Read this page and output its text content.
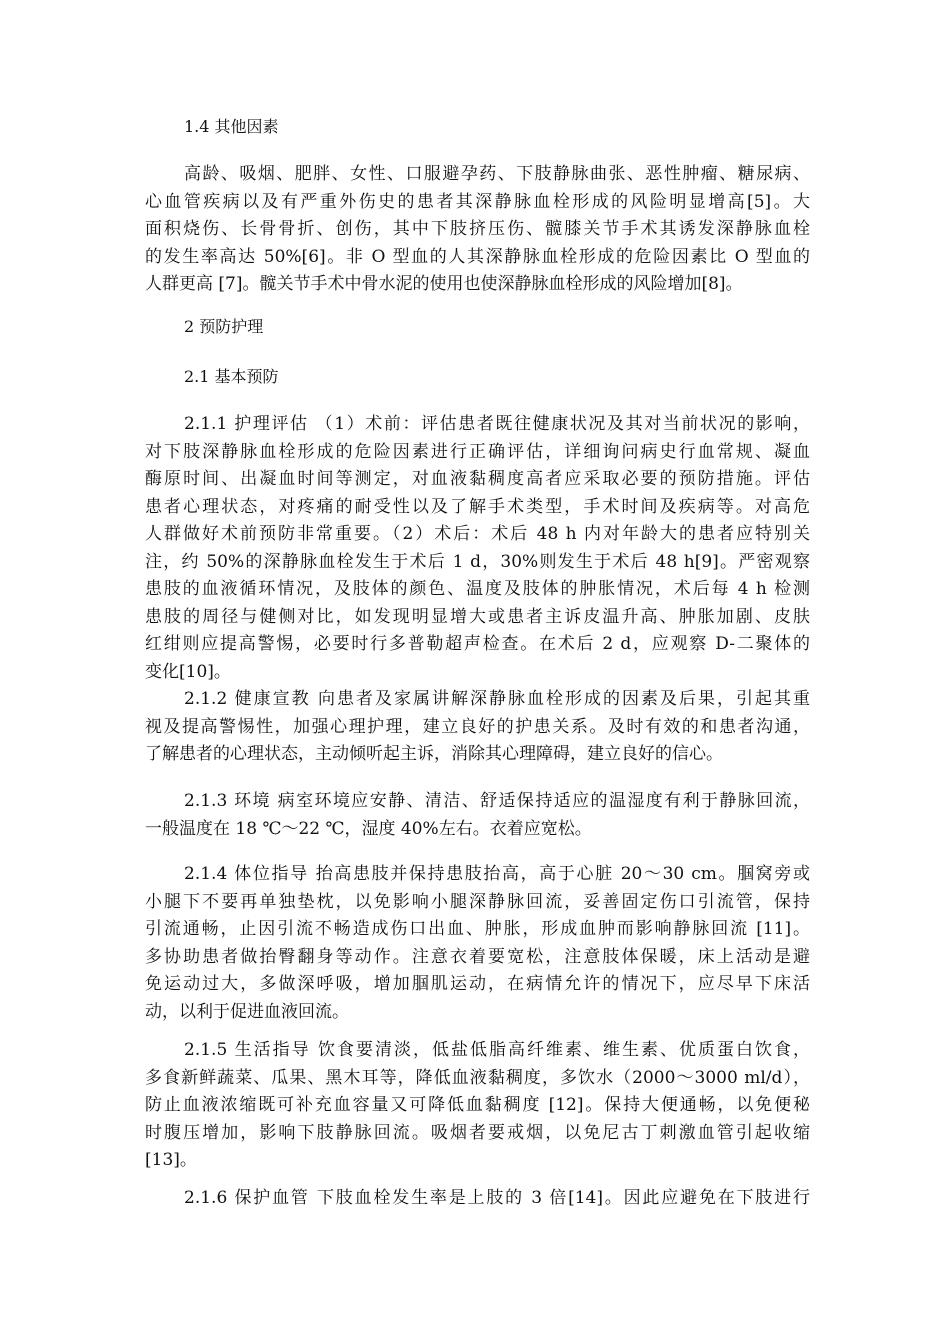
1.4 其他因素
高龄、吸烟、肥胖、女性、口服避孕药、下肢静脉曲张、恶性肿瘤、糖尿病、
心血管疾病以及有严重外伤史的患者其深静脉血栓形成的风险明显增高[5]。大
面积烧伤、长骨骨折、创伤，其中下肢挤压伤、髋膝关节手术其诱发深静脉血栓
的发生率高达 50%[6]。非 O 型血的人其深静脉血栓形成的危险因素比 O 型血的
人群更高 [7]。髋关节手术中骨水泥的使用也使深静脉血栓形成的风险增加[8]。
2 预防护理
2.1 基本预防
2.1.1 护理评估 （1）术前：评估患者既往健康状况及其对当前状况的影响，
对下肢深静脉血栓形成的危险因素进行正确评估，详细询问病史行血常规、凝血
酶原时间、出凝血时间等测定，对血液黏稠度高者应采取必要的预防措施。评估
患者心理状态，对疼痛的耐受性以及了解手术类型，手术时间及疾病等。对高危
人群做好术前预防非常重要。（2）术后：术后 48 h 内对年龄大的患者应特别关
注，约 50%的深静脉血栓发生于术后 1 d，30%则发生于术后 48 h[9]。严密观察
患肢的血液循环情况，及肢体的颜色、温度及肢体的肿胀情况，术后每 4 h 检测
患肢的周径与健侧对比，如发现明显增大或患者主诉皮温升高、肿胀加剧、皮肤
红绀则应提高警惕，必要时行多普勒超声检查。在术后 2 d，应观察 D-二聚体的
变化[10]。
2.1.2 健康宣教 向患者及家属讲解深静脉血栓形成的因素及后果，引起其重
视及提高警惕性，加强心理护理，建立良好的护患关系。及时有效的和患者沟通，
了解患者的心理状态，主动倾听起主诉，消除其心理障碍，建立良好的信心。
2.1.3 环境 病室环境应安静、清洁、舒适保持适应的温湿度有利于静脉回流，
一般温度在 18 ℃～22 ℃，湿度 40%左右。衣着应宽松。
2.1.4 体位指导 抬高患肢并保持患肢抬高，高于心脏 20～30 cm。腘窝旁或
小腿下不要再单独垫枕，以免影响小腿深静脉回流，妥善固定伤口引流管，保持
引流通畅，止因引流不畅造成伤口出血、肿胀，形成血肿而影响静脉回流 [11]。
多协助患者做抬臀翻身等动作。注意衣着要宽松，注意肢体保暖，床上活动是避
免运动过大，多做深呼吸，增加腘肌运动，在病情允许的情况下，应尽早下床活
动，以利于促进血液回流。
2.1.5 生活指导 饮食要清淡，低盐低脂高纤维素、维生素、优质蛋白饮食，
多食新鲜蔬菜、瓜果、黑木耳等，降低血液黏稠度，多饮水（2000～3000 ml/d），
防止血液浓缩既可补充血容量又可降低血黏稠度 [12]。保持大便通畅，以免便秘
时腹压增加，影响下肢静脉回流。吸烟者要戒烟，以免尼古丁刺激血管引起收缩
[13]。
2.1.6 保护血管 下肢血栓发生率是上肢的 3 倍[14]。因此应避免在下肢进行
